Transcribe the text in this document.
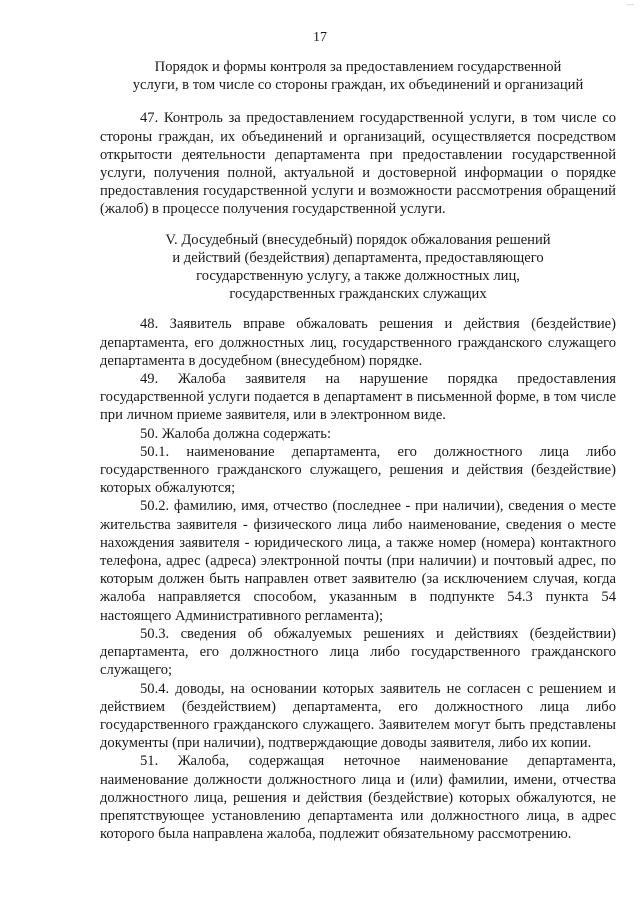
---
17
Порядок и формы контроля за предоставлением государственной
услуги, в том числе со стороны граждан, их объединений и организаций

47. Контроль за предоставлением государственной услуги, в том числе со стороны граждан, их объединений и организаций, осуществляется посредством открытости деятельности департамента при предоставлении государственной услуги, получения полной, актуальной и достоверной информации о порядке предоставления государственной услуги и возможности рассмотрения обращений (жалоб) в процессе получения государственной услуги.

V. Досудебный (внесудебный) порядок обжалования решений
и действий (бездействия) департамента, предоставляющего
государственную услугу, а также должностных лиц,
государственных гражданских служащих

48. Заявитель вправе обжаловать решения и действия (бездействие) департамента, его должностных лиц, государственного гражданского служащего департамента в досудебном (внесудебном) порядке.

49. Жалоба заявителя на нарушение порядка предоставления государственной услуги подается в департамент в письменной форме, в том числе при личном приеме заявителя, или в электронном виде.

50. Жалоба должна содержать:

50.1. наименование департамента, его должностного лица либо государственного гражданского служащего, решения и действия (бездействие) которых обжалуются;

50.2. фамилию, имя, отчество (последнее - при наличии), сведения о месте жительства заявителя - физического лица либо наименование, сведения о месте нахождения заявителя - юридического лица, а также номер (номера) контактного телефона, адрес (адреса) электронной почты (при наличии) и почтовый адрес, по которым должен быть направлен ответ заявителю (за исключением случая, когда жалоба направляется способом, указанным в подпункте 54.3 пункта 54 настоящего Административного регламента);

50.3. сведения об обжалуемых решениях и действиях (бездействии) департамента, его должностного лица либо государственного гражданского служащего;

50.4. доводы, на основании которых заявитель не согласен с решением и действием (бездействием) департамента, его должностного лица либо государственного гражданского служащего. Заявителем могут быть представлены документы (при наличии), подтверждающие доводы заявителя, либо их копии.

51. Жалоба, содержащая неточное наименование департамента, наименование должности должностного лица и (или) фамилии, имени, отчества должностного лица, решения и действия (бездействие) которых обжалуются, не препятствующее установлению департамента или должностного лица, в адрес которого была направлена жалоба, подлежит обязательному рассмотрению.
